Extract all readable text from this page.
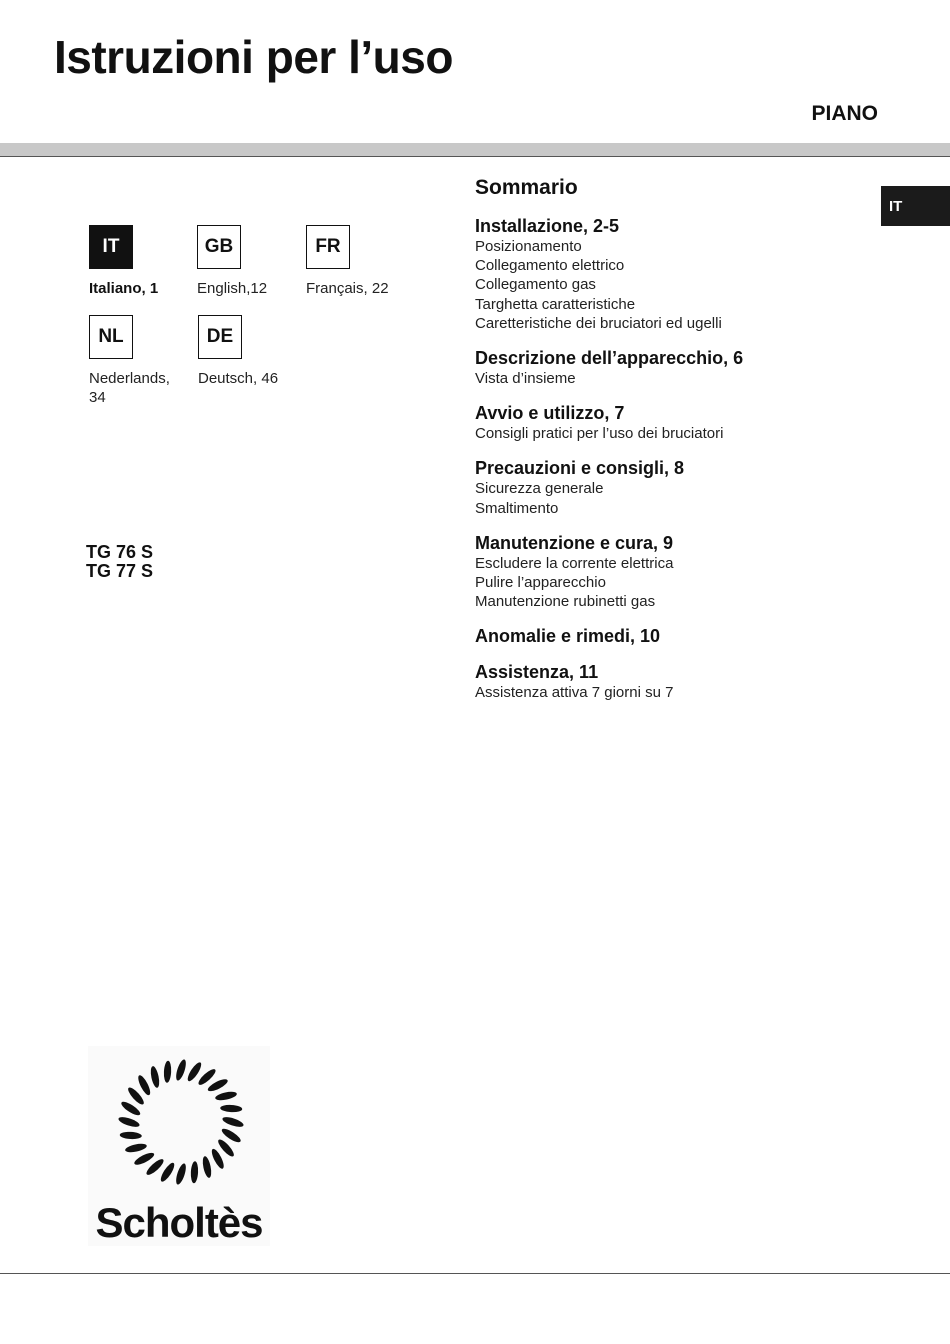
Istruzioni per l’uso
PIANO
IT
IT
Italiano, 1
GB
English,12
FR
Français, 22
NL
Nederlands, 34
DE
Deutsch, 46
TG 76 S
TG 77 S
Sommario
Installazione, 2-5
Posizionamento
Collegamento elettrico
Collegamento gas
Targhetta caratteristiche
Caretteristiche dei bruciatori ed ugelli
Descrizione dell’apparecchio, 6
Vista d’insieme
Avvio e utilizzo, 7
Consigli pratici per l’uso dei bruciatori
Precauzioni e consigli, 8
Sicurezza generale
Smaltimento
Manutenzione e cura, 9
Escludere la corrente elettrica
Pulire l’apparecchio
Manutenzione rubinetti gas
Anomalie e rimedi, 10
Assistenza, 11
Assistenza attiva 7 giorni su 7
Scholtès
